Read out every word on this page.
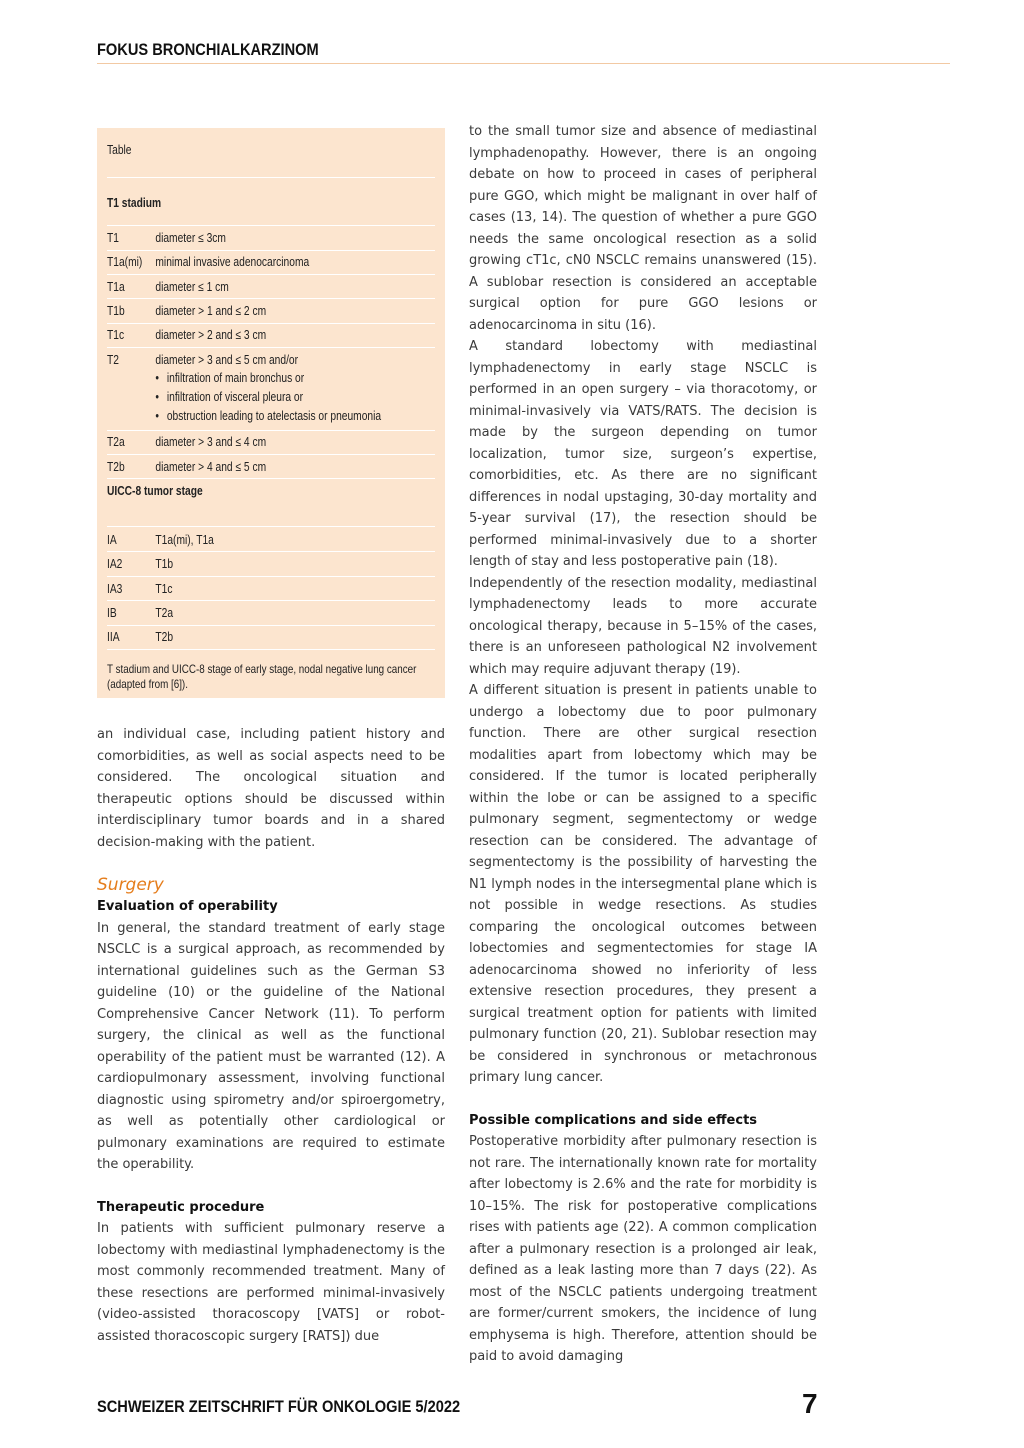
FOKUS BRONCHIALKARZINOM
Table
T1 stadium
T1	diameter ≤ 3cm
T1a(mi) minimal invasive adenocarcinoma
T1a diameter ≤ 1 cm
T1b diameter > 1 and ≤ 2 cm
T1c	diameter > 2 and ≤ 3 cm
T2	diameter > 3 and ≤ 5 cm and/or
• infiltration of main bronchus or
• infiltration of visceral pleura or
• obstruction leading to atelectasis or pneumonia
T2a diameter > 3 and ≤ 4 cm
T2b diameter > 4 and ≤ 5 cm
UICC-8 tumor stage
IA	T1a(mi), T1a
IA2	T1b
IA3	T1c
IB	T2a
IIA	T2b
T stadium and UICC-8 stage of early stage, nodal negative lung cancer (adapted from [6]).

an individual case, including patient history and comorbidities, as well as social aspects need to be considered. The oncological situation and therapeutic options should be discussed within interdisciplinary tumor boards and in a shared decision-making with the patient.

Surgery
Evaluation of operability

In general, the standard treatment of early stage NSCLC is a surgical approach, as recommended by international guidelines such as the German S3 guideline (10) or the guideline of the National Comprehensive Cancer Network (11). To perform surgery, the clinical as well as the functional operability of the patient must be warranted (12). A cardiopulmonary assessment, involving functional diagnostic using spirometry and/or spiroergometry, as well as potentially other cardiological or pulmonary examinations are required to estimate the operability.

Therapeutic procedure

In patients with sufficient pulmonary reserve a lobectomy with mediastinal lymphadenectomy is the most commonly recommended treatment. Many of these resections are performed minimal-invasively (video-assisted thoracoscopy [VATS] or robot-assisted thoracoscopic surgery [RATS]) due

to the small tumor size and absence of mediastinal lymphadenopathy. However, there is an ongoing debate on how to proceed in cases of peripheral pure GGO, which might be malignant in over half of cases (13, 14). The question of whether a pure GGO needs the same oncological resection as a solid growing cT1c, cN0 NSCLC remains unanswered (15). A sublobar resection is considered an acceptable surgical option for pure GGO lesions or adenocarcinoma in situ (16).

A standard lobectomy with mediastinal lymphadenectomy in early stage NSCLC is performed in an open surgery – via thoracotomy, or minimal-invasively via VATS/RATS. The decision is made by the surgeon depending on tumor localization, tumor size, surgeon’s expertise, comorbidities, etc. As there are no significant differences in nodal upstaging, 30-day mortality and 5-year survival (17), the resection should be performed minimal-invasively due to a shorter length of stay and less postoperative pain (18).

Independently of the resection modality, mediastinal lymphadenectomy leads to more accurate oncological therapy, because in 5–15% of the cases, there is an unforeseen pathological N2 involvement which may require adjuvant therapy (19).

A different situation is present in patients unable to undergo a lobectomy due to poor pulmonary function. There are other surgical resection modalities apart from lobectomy which may be considered. If the tumor is located peripherally within the lobe or can be assigned to a specific pulmonary segment, segmentectomy or wedge resection can be considered. The advantage of segmentectomy is the possibility of harvesting the N1 lymph nodes in the intersegmental plane which is not possible in wedge resections. As studies comparing the oncological outcomes between lobectomies and segmentectomies for stage IA adenocarcinoma showed no inferiority of less extensive resection procedures, they present a surgical treatment option for patients with limited pulmonary function (20, 21). Sublobar resection may be considered in synchronous or metachronous primary lung cancer.

Possible complications and side effects

Postoperative morbidity after pulmonary resection is not rare. The internationally known rate for mortality after lobectomy is 2.6% and the rate for morbidity is 10–15%. The risk for postoperative complications rises with patients age (22). A common complication after a pulmonary resection is a prolonged air leak, defined as a leak lasting more than 7 days (22). As most of the NSCLC patients undergoing treatment are former/current smokers, the incidence of lung emphysema is high. Therefore, attention should be paid to avoid damaging

SCHWEIZER ZEITSCHRIFT FÜR ONKOLOGIE 5/2022	7
